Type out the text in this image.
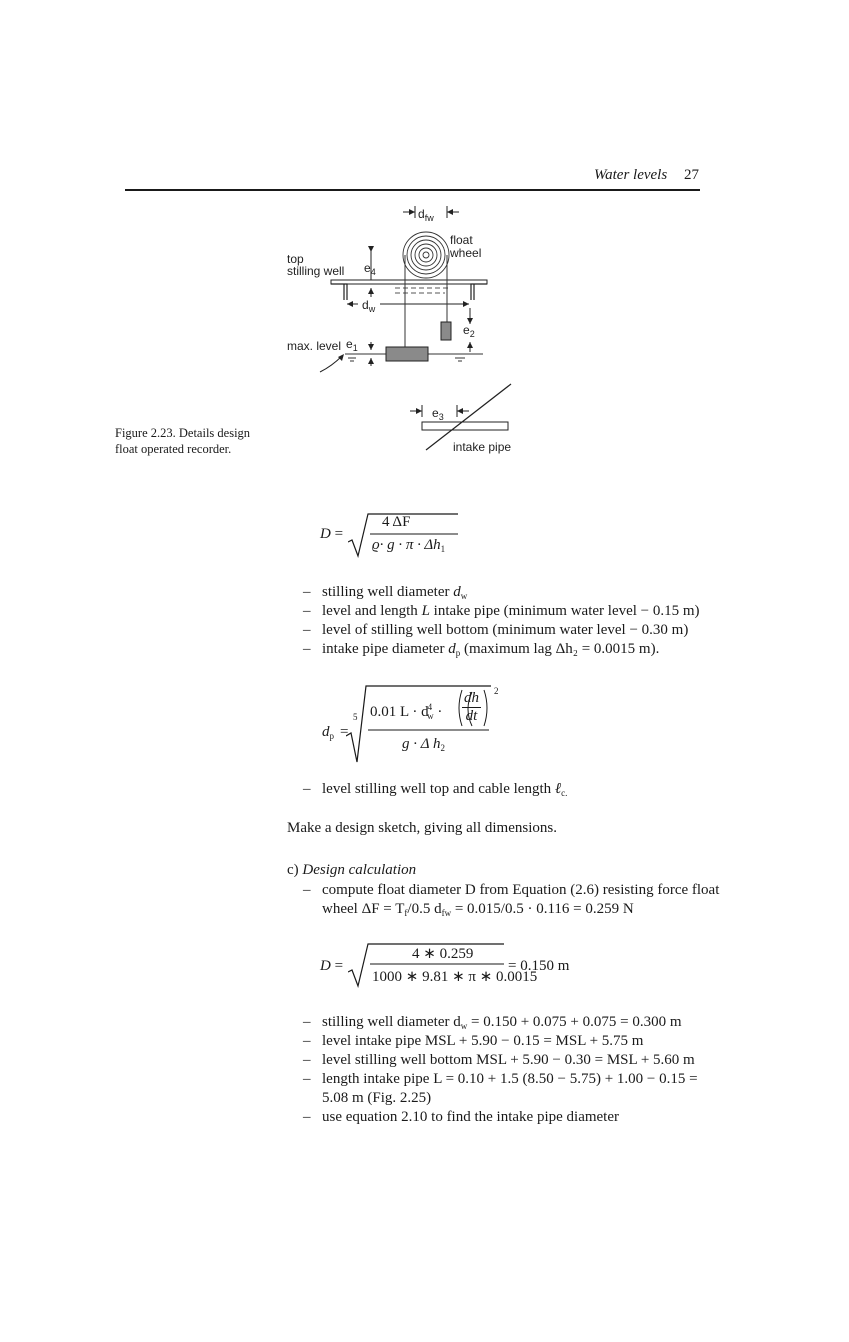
Water levels 27
$d_{fw}$
float
wheel
top
stilling well $e_4$
$d_w$
$e_2$
max. level $e_1$
$e_3$
intake pipe
Figure 2.23. Details design float operated recorder.
D =
4 ΔF
$ϱ\cdot g \cdot \pi \cdot \Delta h_1$
– stilling well diameter $d_w$
– level and length L intake pipe (minimum water level − 0.15 m)
– level of stilling well bottom (minimum water level − 0.30 m)
– intake pipe diameter $d_p$ (maximum lag Δh₂ = 0.0015 m).
$d_p$ =
5 0.01 $L \cdot d^4_w \cdot \frac{dh}{dt} 2$
g · Δ $h_2$
– level stilling well top and cable length ℓ$_{c.}$
Make a design sketch, giving all dimensions.
c) Design calculation
– compute float diameter D from Equation (2.6) resisting force float
wheel $\Delta F = T_f/0.5$ $d_{fw} = 0.015/0.5 \cdot 0.116 = 0.259$ N
D =
4 ∗ 0.259
1000 ∗ 9.81 ∗ π ∗ 0.0015
= 0.150 m
– stilling well diameter $d_w = 0.150 + 0.075 + 0.075 = 0.300$ m
– level intake pipe MSL + 5.90 − 0.15 = MSL + 5.75 m
– level stilling well bottom MSL + 5.90 − 0.30 = MSL + 5.60 m
– length intake pipe L = 0.10 + 1.5 (8.50 − 5.75) + 1.00 − 0.15 =
5.08 m (Fig. 2.25)
– use equation 2.10 to find the intake pipe diameter
